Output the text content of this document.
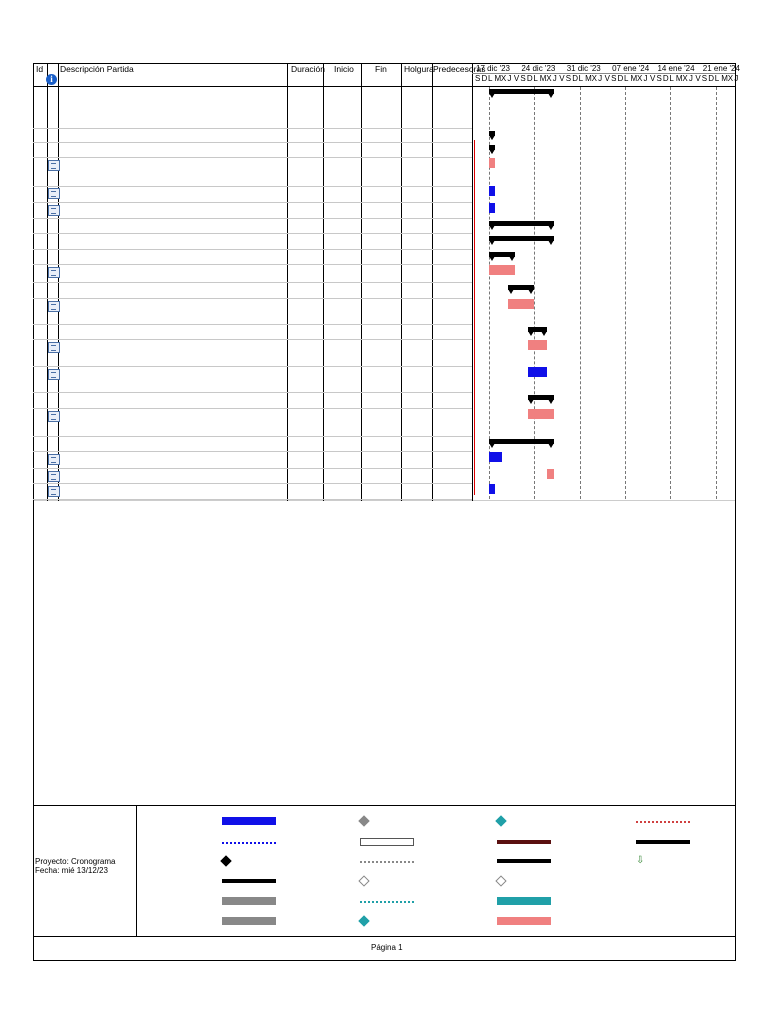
Id
i
Descripción Partida	Duración Inicio Fin Holgura Predecesoras
17 dic '23 24 dic '23 31 dic '23 07 ene '24 14 ene '24 21 ene '24
S D L M X J V S D L M X J V S D L M X J V S D L M X J V S D L M X J V S D L M X J
Proyecto: Cronograma
Fecha: mié 13/12/23
⇩
Página 1
